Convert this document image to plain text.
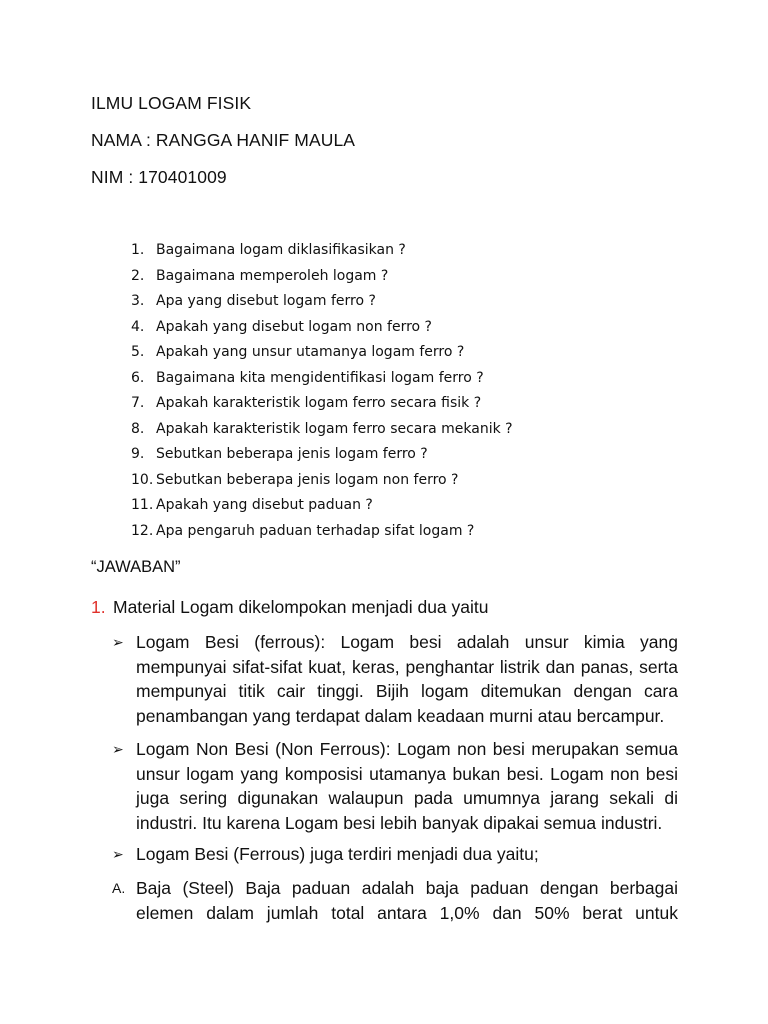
ILMU LOGAM FISIK
NAMA : RANGGA HANIF MAULA
NIM : 170401009
1. Bagaimana logam diklasifikasikan ?
2. Bagaimana memperoleh logam ?
3. Apa yang disebut logam ferro ?
4. Apakah yang disebut logam non ferro ?
5. Apakah yang unsur utamanya logam ferro ?
6. Bagaimana kita mengidentifikasi logam ferro ?
7. Apakah karakteristik logam ferro secara fisik ?
8. Apakah karakteristik logam ferro secara mekanik ?
9. Sebutkan beberapa jenis logam ferro ?
10. Sebutkan beberapa jenis logam non ferro ?
11. Apakah yang disebut paduan ?
12. Apa pengaruh paduan terhadap sifat logam ?
“JAWABAN”
1. Material Logam dikelompokan menjadi dua yaitu
➢ Logam Besi (ferrous): Logam besi adalah unsur kimia yang mempunyai sifat-sifat kuat, keras, penghantar listrik dan panas, serta mempunyai titik cair tinggi. Bijih logam ditemukan dengan cara penambangan yang terdapat dalam keadaan murni atau bercampur.
➢ Logam Non Besi (Non Ferrous): Logam non besi merupakan semua unsur logam yang komposisi utamanya bukan besi. Logam non besi juga sering digunakan walaupun pada umumnya jarang sekali di industri. Itu karena Logam besi lebih banyak dipakai semua industri.
➢ Logam Besi (Ferrous) juga terdiri menjadi dua yaitu;
A. Baja (Steel) Baja paduan adalah baja paduan dengan berbagai elemen dalam jumlah total antara 1,0% dan 50% berat untuk
